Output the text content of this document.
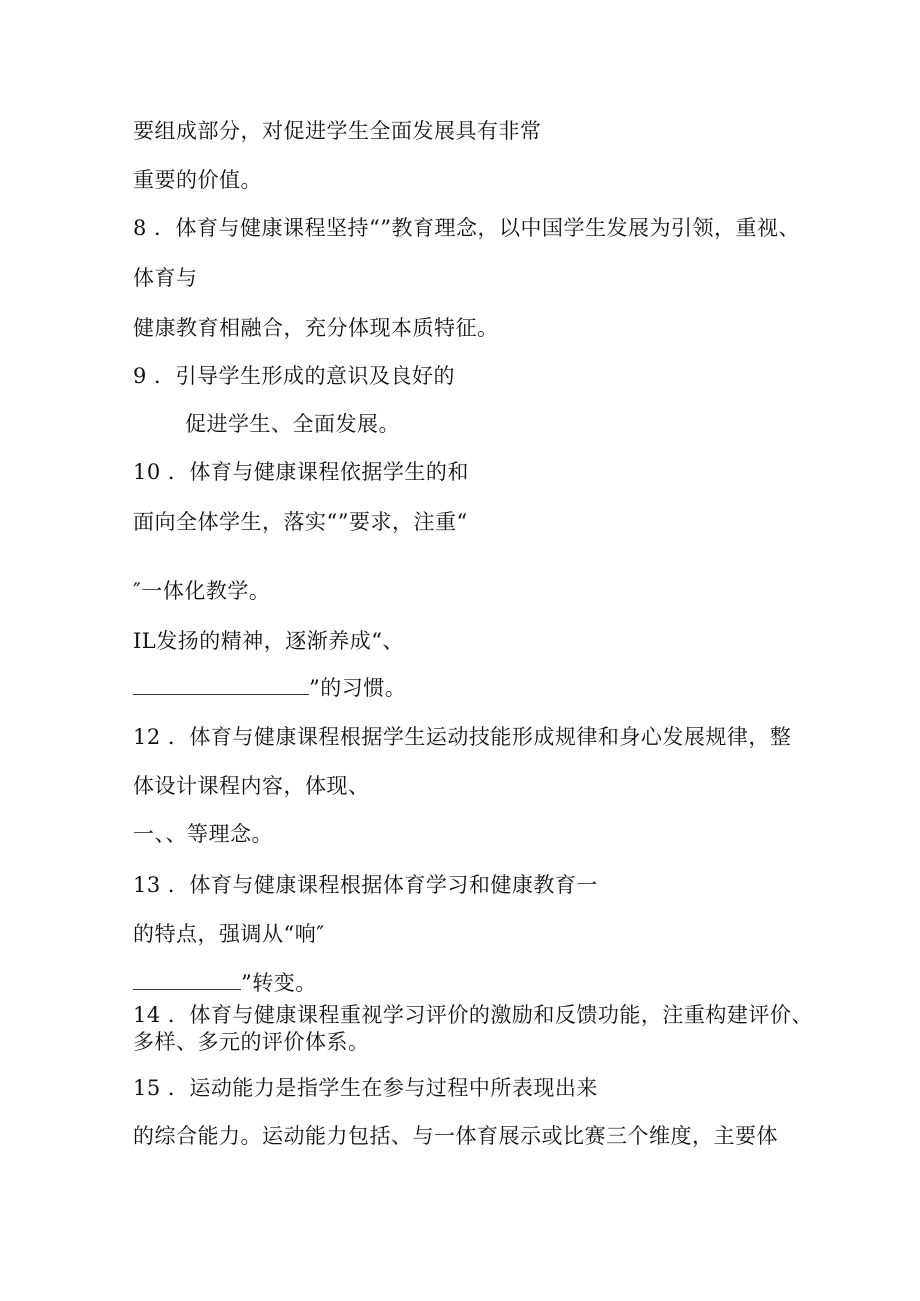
要组成部分，对促进学生全面发展具有非常
重要的价值。
8 ．体育与健康课程坚持“”教育理念，以中国学生发展为引领，重视、
体育与
健康教育相融合，充分体现本质特征。
9 ．引导学生形成的意识及良好的
促进学生、全面发展。
10 ．体育与健康课程依据学生的和
面向全体学生，落实“”要求，注重“
″一体化教学。
IL发扬的精神，逐渐养成“、
”的习惯。
12 ．体育与健康课程根据学生运动技能形成规律和身心发展规律，整
体设计课程内容，体现、
一、、等理念。
13 ．体育与健康课程根据体育学习和健康教育一
的特点，强调从“响″
”转变。
14 ．体育与健康课程重视学习评价的激励和反馈功能，注重构建评价、
多样、多元的评价体系。
15 ．运动能力是指学生在参与过程中所表现出来
的综合能力。运动能力包括、与一体育展示或比赛三个维度，主要体
